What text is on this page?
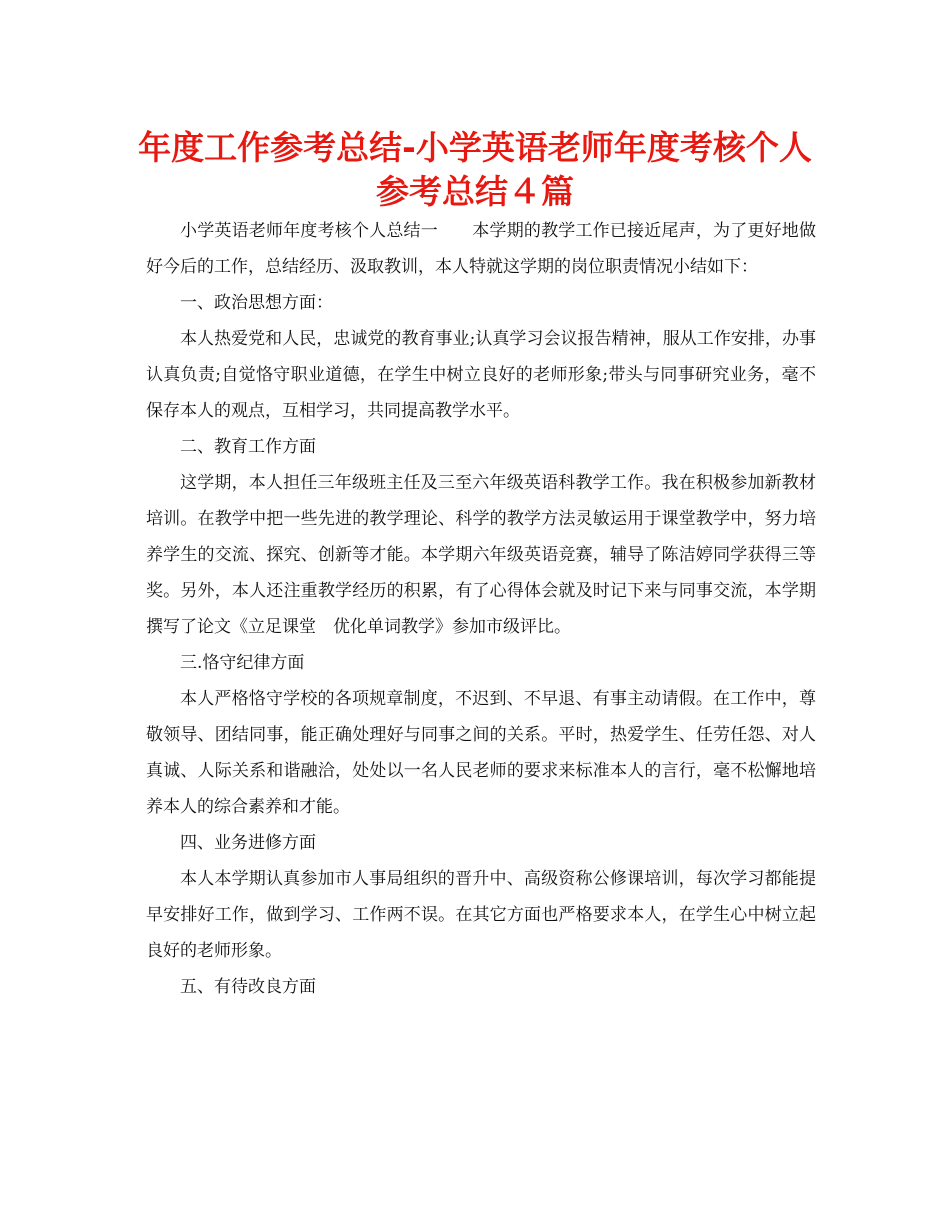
年度工作参考总结-小学英语老师年度考核个人
参考总结４篇

小学英语老师年度考核个人总结一　　本学期的教学工作已接近尾声，为了更好地做好今后的工作，总结经历、汲取教训，本人特就这学期的岗位职责情况小结如下：

一、政治思想方面：

本人热爱党和人民，忠诚党的教育事业;认真学习会议报告精神，服从工作安排，办事认真负责;自觉恪守职业道德，在学生中树立良好的老师形象;带头与同事研究业务，毫不保存本人的观点，互相学习，共同提高教学水平。

二、教育工作方面

这学期，本人担任三年级班主任及三至六年级英语科教学工作。我在积极参加新教材培训。在教学中把一些先进的教学理论、科学的教学方法灵敏运用于课堂教学中，努力培养学生的交流、探究、创新等才能。本学期六年级英语竞赛，辅导了陈洁婷同学获得三等奖。另外，本人还注重教学经历的积累，有了心得体会就及时记下来与同事交流，本学期撰写了论文《立足课堂　优化单词教学》参加市级评比。

三.恪守纪律方面

本人严格恪守学校的各项规章制度，不迟到、不早退、有事主动请假。在工作中，尊敬领导、团结同事，能正确处理好与同事之间的关系。平时，热爱学生、任劳任怨、对人真诚、人际关系和谐融洽，处处以一名人民老师的要求来标准本人的言行，毫不松懈地培养本人的综合素养和才能。

四、业务进修方面

本人本学期认真参加市人事局组织的晋升中、高级资称公修课培训，每次学习都能提早安排好工作，做到学习、工作两不误。在其它方面也严格要求本人，在学生心中树立起良好的老师形象。

五、有待改良方面
